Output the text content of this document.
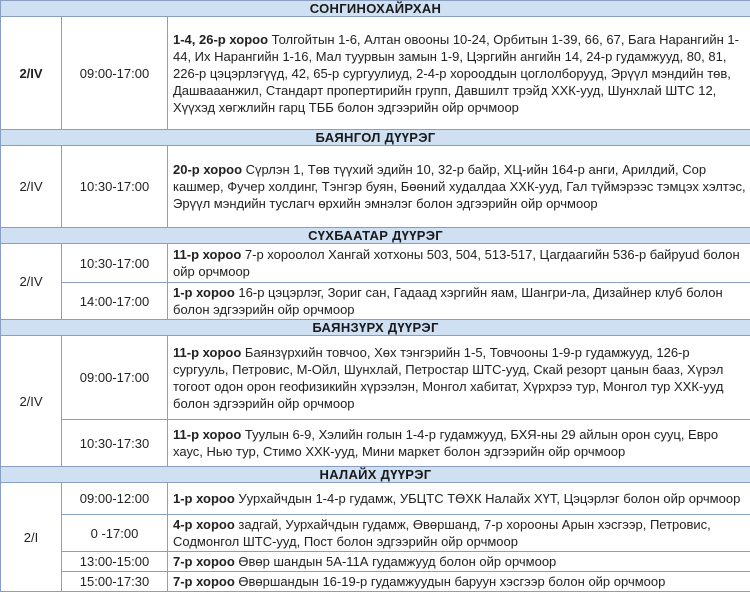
СОНГИНОХАЙРХАН		
2/IV	09:00-17:00	1-4, 26-р хороо Толгойтын 1-6, Алтан овооны 10-24, Орбитын 1-39, 66, 67, Бага Нарангийн 1-44, Их Нарангийн 1-16, Мал туурвын замын 1-9, Цэргийн ангийн 14, 24-р гудамжууд, 80, 81, 226-р цэцэрлэгүүд, 42, 65-р сургуулиуд, 2-4-р хорооддын цоглолборууд, Эрүүл мэндийн төв, Дашвааанжил, Стандарт пропертирийн групп, Давшилт трэйд ХХК-ууд, Шунхлай ШТС 12, Хүүхэд хөгжлийн гарц ТББ болон эдгээрийн ойр орчмоор
БАЯНГОЛ ДҮҮРЭГ		
2/IV	10:30-17:00	20-р хороо Сүрлэн 1, Төв түүхий эдийн 10, 32-р байр, ХЦ-ийн 164-р анги, Арилдий, Сор кашмер, Фучер холдинг, Тэнгэр буян, Бөөний худалдаа ХХК-ууд, Гал түймэрээс тэмцэх хэлтэс, Эрүүл мэндийн туслагч өрхийн эмнэлэг болон эдгээрийн ойр орчмоор
СҮХБААТАР ДҮҮРЭГ		
2/IV	10:30-17:00	11-р хороо 7-р хороолол Хангай хотхоны 503, 504, 513-517, Цагдаагийн 536-р байруud болон ойр орчмоор
	14:00-17:00	1-р хороо 16-р цэцэрлэг, Зориг сан, Гадаад хэргийн яам, Шангри-ла, Дизайнер клуб болон болон эдгээрийн ойр орчмоор
БАЯНЗҮРХ ДҮҮРЭГ		
2/IV	09:00-17:00	11-р хороо Баянзүрхийн товчоо, Хөх тэнгэрийн 1-5, Товчооны 1-9-р гудамжууд, 126-р сургууль, Петровис, М-Ойл, Шунхлай, Петростар ШТС-ууд, Скай резорт цанын бааз, Хүрэл тогоот одон орон геофизикийн хүрээлэн, Монгол хабитат, Хүрхрээ тур, Монгол тур ХХК-ууд болон эдгээрийн ойр орчмоор
	10:30-17:30	11-р хороо Туулын 6-9, Хэлийн голын 1-4-р гудамжууд, БХЯ-ны 29 айлын орон сууц, Евро хаус, Нью тур, Стимо ХХК-ууд, Мини маркет болон эдгээрийн ойр орчмоор
НАЛАЙХ ДҮҮРЭГ		
2/I	09:00-12:00	1-р хороо Уурхайчдын 1-4-р гудамж, УБЦТС ТӨХК Налайх ХҮТ, Цэцэрлэг болон ойр орчмоор
	0 -17:00	4-р хороо задгай, Уурхайчдын гудамж, Өвөршанд, 7-р хорооны Арын хэсгээр, Петровис, Содмонгол ШТС-ууд, Пост болон эдгээрийн ойр орчмоор
	13:00-15:00	7-р хороо Өвөр шандын 5А-11А гудамжууд болон ойр орчмоор
	15:00-17:30	7-р хороо Өвөршандын 16-19-р гудамжуудын баруун хэсгээр болон ойр орчмоор
